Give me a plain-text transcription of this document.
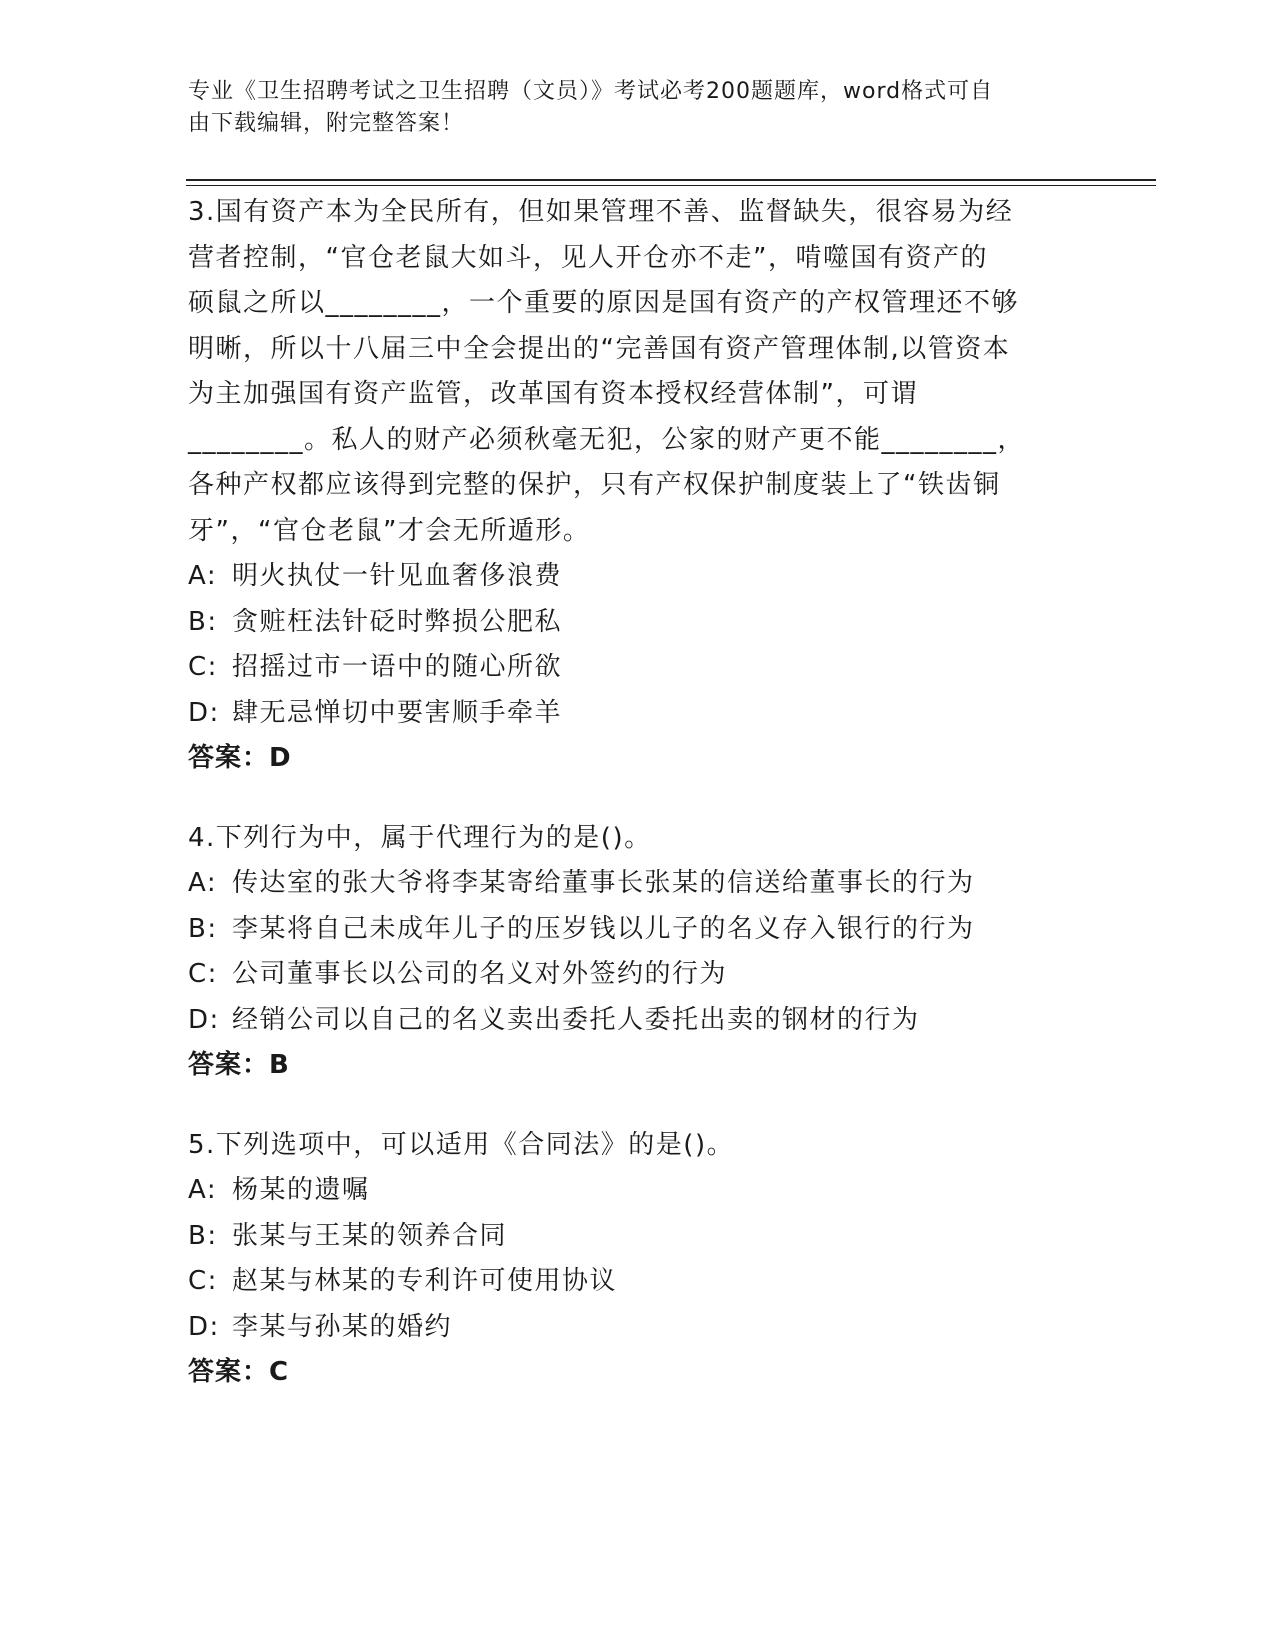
专业《卫生招聘考试之卫生招聘（文员）》考试必考200题题库，word格式可自
由下载编辑，附完整答案！

3.国有资产本为全民所有，但如果管理不善、监督缺失，很容易为经

营者控制，“官仓老鼠大如斗，见人开仓亦不走”，啃噬国有资产的

硕鼠之所以________，一个重要的原因是国有资产的产权管理还不够

明晰，所以十八届三中全会提出的“完善国有资产管理体制,以管资本

为主加强国有资产监管，改革国有资本授权经营体制”，可谓

________。私人的财产必须秋毫无犯，公家的财产更不能________，

各种产权都应该得到完整的保护，只有产权保护制度装上了“铁齿铜

牙”，“官仓老鼠”才会无所遁形。

A: 明火执仗一针见血奢侈浪费

B: 贪赃枉法针砭时弊损公肥私

C: 招摇过市一语中的随心所欲

D: 肆无忌惮切中要害顺手牵羊

答案：D

4.下列行为中，属于代理行为的是()。

A: 传达室的张大爷将李某寄给董事长张某的信送给董事长的行为

B: 李某将自己未成年儿子的压岁钱以儿子的名义存入银行的行为

C: 公司董事长以公司的名义对外签约的行为

D: 经销公司以自己的名义卖出委托人委托出卖的钢材的行为

答案：B

5.下列选项中，可以适用《合同法》的是()。

A: 杨某的遗嘱

B: 张某与王某的领养合同

C: 赵某与林某的专利许可使用协议

D: 李某与孙某的婚约

答案：C
